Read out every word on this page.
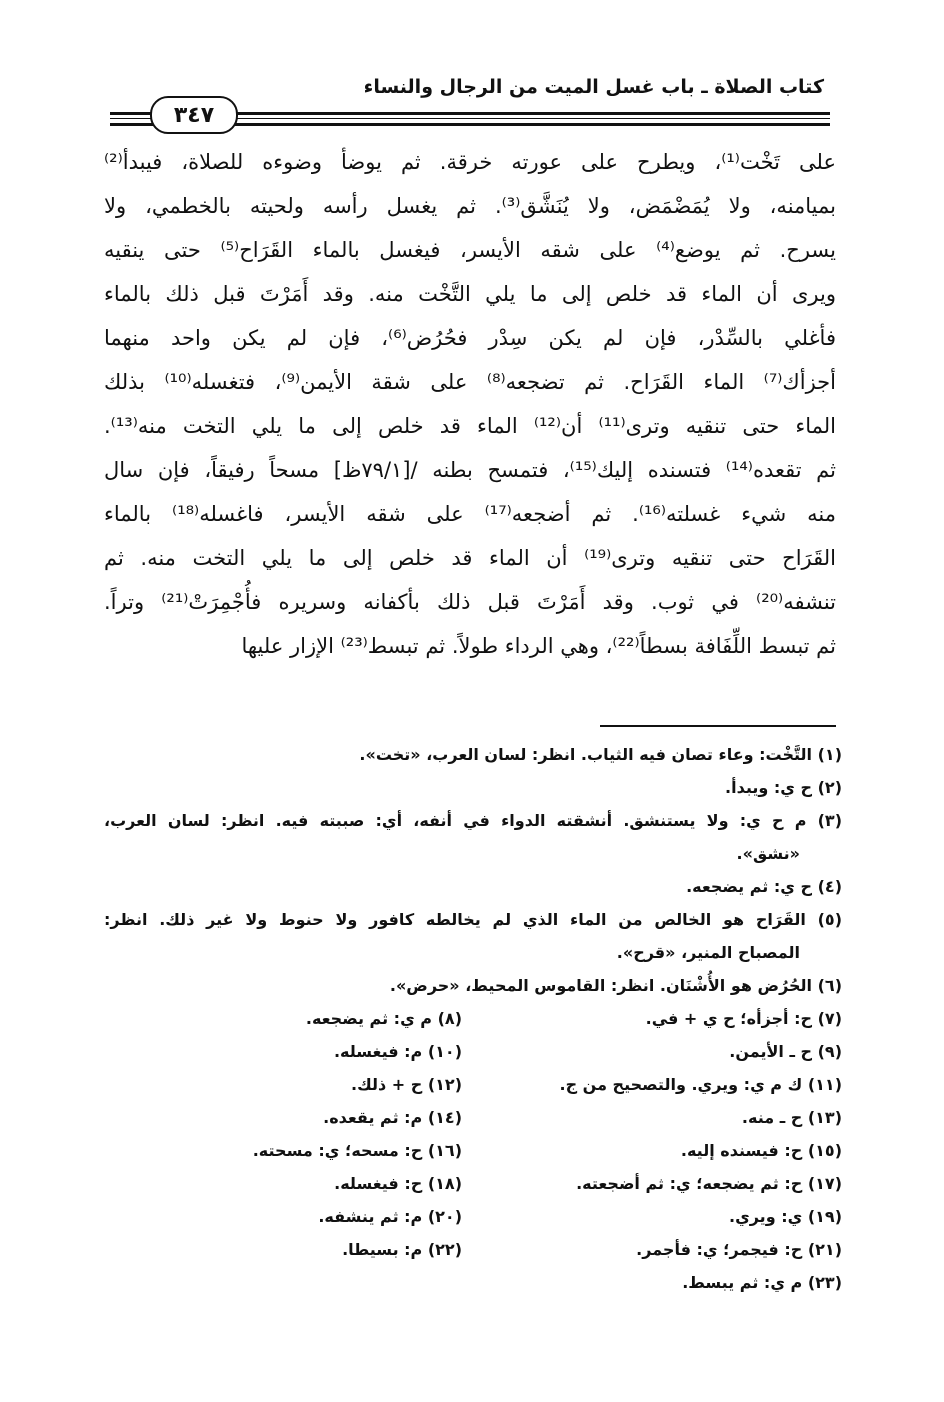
كتاب الصلاة ـ باب غسل الميت من الرجال والنساء
٣٤٧
على تَخْت⁽¹⁾، ويطرح على عورته خرقة. ثم يوضأ وضوءه للصلاة، فيبدأ⁽²⁾
بميامنه، ولا يُمَضْمَض، ولا يُنَشَّق⁽³⁾. ثم يغسل رأسه ولحيته بالخطمي، ولا
يسرح. ثم يوضع⁽⁴⁾ على شقه الأيسر، فيغسل بالماء القَرَاح⁽⁵⁾ حتى ينقيه
ويرى أن الماء قد خلص إلى ما يلي التَّخْت منه. وقد أَمَرْتَ قبل ذلك بالماء
فأغلي بالسِّدْر، فإن لم يكن سِدْر فحُرُض⁽⁶⁾، فإن لم يكن واحد منهما
أجزأك⁽⁷⁾ الماء القَرَاح. ثم تضجعه⁽⁸⁾ على شقة الأيمن⁽⁹⁾، فتغسله⁽¹⁰⁾ بذلك
الماء حتى تنقيه وترى⁽¹¹⁾ أن⁽¹²⁾ الماء قد خلص إلى ما يلي التخت منه⁽¹³⁾.
ثم تقعده⁽¹⁴⁾ فتسنده إليك⁽¹⁵⁾، فتمسح بطنه /[٧٩/١ظ] مسحاً رفيقاً، فإن سال
منه شيء غسلته⁽¹⁶⁾. ثم أضجعه⁽¹⁷⁾ على شقه الأيسر، فاغسله⁽¹⁸⁾ بالماء
القَرَاح حتى تنقيه وترى⁽¹⁹⁾ أن الماء قد خلص إلى ما يلي التخت منه. ثم
تنشفه⁽²⁰⁾ في ثوب. وقد أَمَرْتَ قبل ذلك بأكفانه وسريره فأُجْمِرَتْ⁽²¹⁾ وتراً.
ثم تبسط اللِّفَافة بسطاً⁽²²⁾، وهي الرداء طولاً. ثم تبسط⁽²³⁾ الإزار عليها
(١) التَّخْت: وعاء تصان فيه الثياب. انظر: لسان العرب، «تخت».
(٢) ح ي: ويبدأ.
(٣) م ح ي: ولا يستنشق. أنشقته الدواء في أنفه، أي: صببته فيه. انظر: لسان العرب،
«نشق».
(٤) ح ي: ثم يضجعه.
(٥) القَرَاح هو الخالص من الماء الذي لم يخالطه كافور ولا حنوط ولا غير ذلك. انظر:
المصباح المنير، «قرح».
(٦) الحُرُض هو الأُشْنَان. انظر: القاموس المحيط، «حرض».
(٧) ح: أجزأه؛ ح ي + في.
(٨) م ي: ثم يضجعه.
(٩) ح ـ الأيمن.
(١٠) م: فيغسله.
(١١) ك م ي: ويري. والتصحيح من ج.
(١٢) ح + ذلك.
(١٣) ح ـ منه.
(١٤) م: ثم يقعده.
(١٥) ح: فيسنده إليه.
(١٦) ح: مسحه؛ ي: مسحته.
(١٧) ح: ثم يضجعه؛ ي: ثم أضجعته.
(١٨) ح: فيغسله.
(١٩) ي: ويري.
(٢٠) م: ثم ينشفه.
(٢١) ح: فيجمر؛ ي: فأجمر.
(٢٢) م: بسيطا.
(٢٣) م ي: ثم يبسط.
